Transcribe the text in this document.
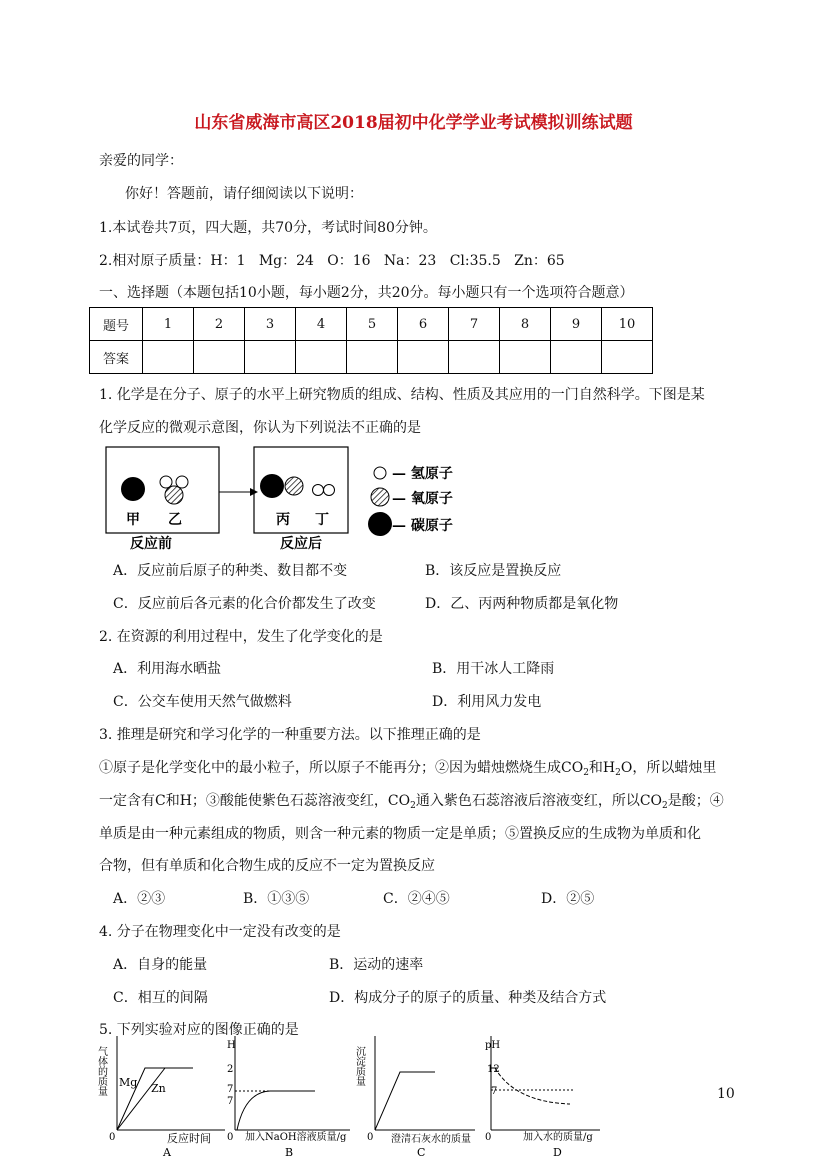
山东省威海市高区2018届初中化学学业考试模拟训练试题
亲爱的同学：
你好！答题前，请仔细阅读以下说明：
1.本试卷共7页，四大题，共70分，考试时间80分钟。
2.相对原子质量：H：1   Mg：24   O：16   Na：23   Cl:35.5   Zn：65
一、选择题（本题包括10小题，每小题2分，共20分。每小题只有一个选项符合题意）
题号	1	2	3	4	5	6	7	8	9	10
答案										
1. 化学是在分子、原子的水平上研究物质的组成、结构、性质及其应用的一门自然科学。下图是某
化学反应的微观示意图，你认为下列说法不正确的是
甲 乙	丙 丁
反应前	反应后
— 氢原子
— 氧原子
— 碳原子
A．反应前后原子的种类、数目都不变	B．该反应是置换反应
C．反应前后各元素的化合价都发生了改变	D．乙、丙两种物质都是氧化物
2. 在资源的利用过程中，发生了化学变化的是
A．利用海水晒盐	B．用干冰人工降雨
C．公交车使用天然气做燃料	D．利用风力发电
3. 推理是研究和学习化学的一种重要方法。以下推理正确的是
①原子是化学变化中的最小粒子，所以原子不能再分；②因为蜡烛燃烧生成$CO_2$和$H_2O$，所以蜡烛里
一定含有C和H；③酸能使紫色石蕊溶液变红，$CO_2$通入紫色石蕊溶液后溶液变红，所以$CO_2$是酸；④
单质是由一种元素组成的物质，则含一种元素的物质一定是单质；⑤置换反应的生成物为单质和化
合物，但有单质和化合物生成的反应不一定为置换反应
A．②③	B．①③⑤	C．②④⑤	D．②⑤
4. 分子在物理变化中一定没有改变的是
A．自身的能量	B．运动的速率
C．相互的间隔	D．构成分子的原子的质量、种类及结合方式
5. 下列实验对应的图像正确的是
气体的质量
0	反应时间
A
Mg Zn
H
2
7
7
0 加入NaOH溶液质量/g
B
沉淀质量
0 澄清石灰水的质量
C
pH
12
7
0	加入水的质量/g
D
10
